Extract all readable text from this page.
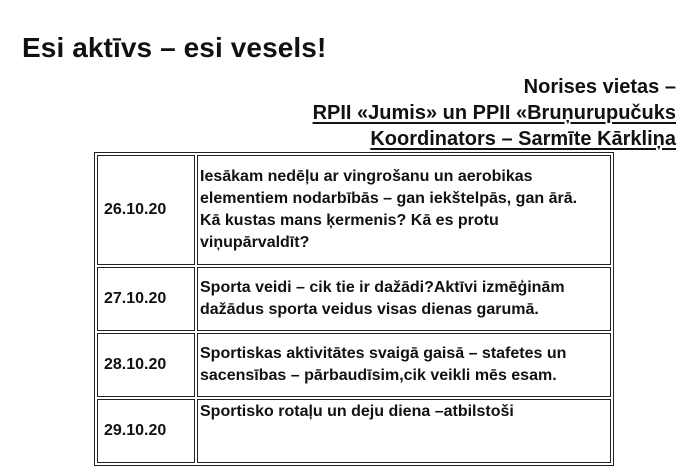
Esi aktīvs – esi vesels!
Norises vietas –
RPII «Jumis» un PPII «Bruņurupučuks
Koordinators – Sarmīte Kārkliņa
26.10.20	Iesākam nedēļu ar vingrošanu un aerobikas
elementiem nodarbībās – gan iekštelpās, gan ārā.
Kā kustas mans ķermenis? Kā es protu
viņupārvaldīt?

27.10.20	Sporta veidi – cik tie ir dažādi?Aktīvi izmēģinām
dažādus sporta veidus visas dienas garumā.

28.10.20	Sportiskas aktivitātes svaigā gaisā – stafetes un
sacensības – pārbaudīsim,cik veikli mēs esam.

29.10.20	Sportisko rotaļu un deju diena –atbilstoši
